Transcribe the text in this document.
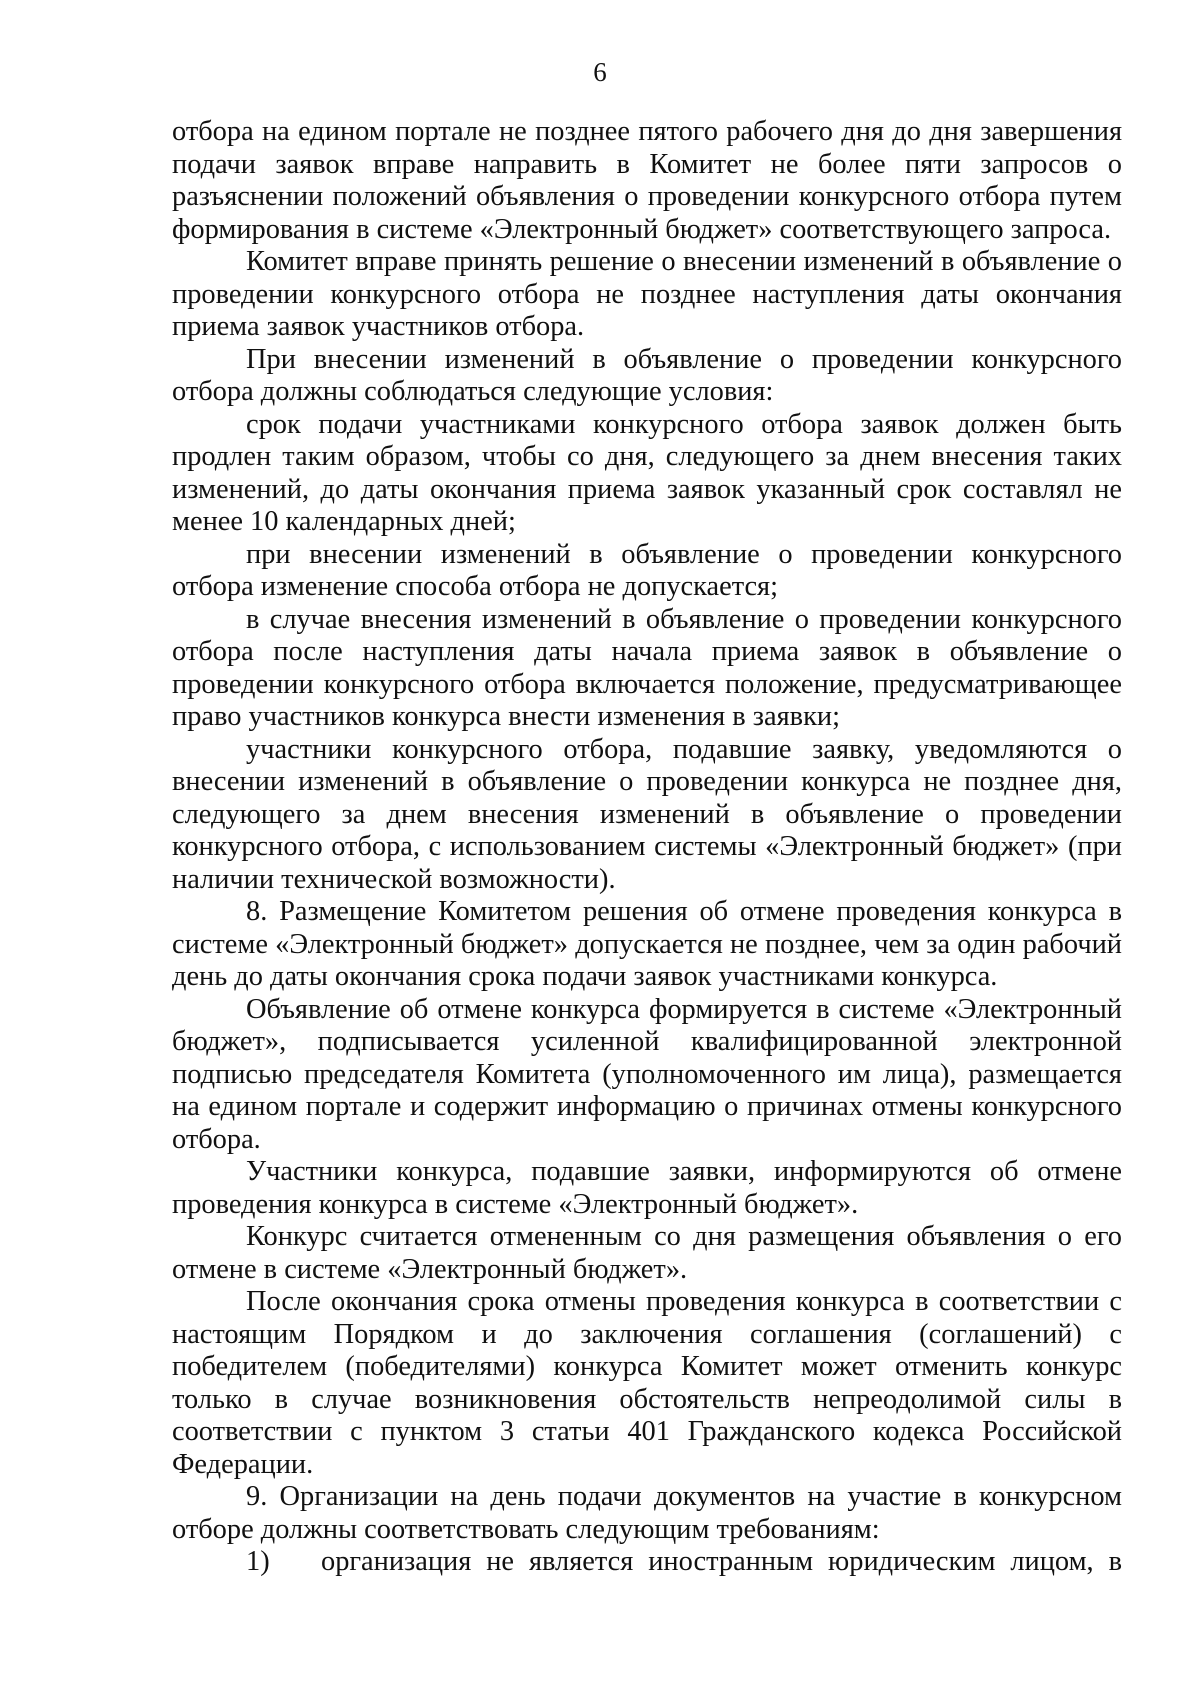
6

отбора на едином портале не позднее пятого рабочего дня до дня завершения подачи заявок вправе направить в Комитет не более пяти запросов о разъяснении положений объявления о проведении конкурсного отбора путем формирования в системе «Электронный бюджет» соответствующего запроса.

Комитет вправе принять решение о внесении изменений в объявление о проведении конкурсного отбора не позднее наступления даты окончания приема заявок участников отбора.

При внесении изменений в объявление о проведении конкурсного отбора должны соблюдаться следующие условия:

срок подачи участниками конкурсного отбора заявок должен быть продлен таким образом, чтобы со дня, следующего за днем внесения таких изменений, до даты окончания приема заявок указанный срок составлял не менее 10 календарных дней;

при внесении изменений в объявление о проведении конкурсного отбора изменение способа отбора не допускается;

в случае внесения изменений в объявление о проведении конкурсного отбора после наступления даты начала приема заявок в объявление о проведении конкурсного отбора включается положение, предусматривающее право участников конкурса внести изменения в заявки;

участники конкурсного отбора, подавшие заявку, уведомляются о внесении изменений в объявление о проведении конкурса не позднее дня, следующего за днем внесения изменений в объявление о проведении конкурсного отбора, с использованием системы «Электронный бюджет» (при наличии технической возможности).

8. Размещение Комитетом решения об отмене проведения конкурса в системе «Электронный бюджет» допускается не позднее, чем за один рабочий день до даты окончания срока подачи заявок участниками конкурса.

Объявление об отмене конкурса формируется в системе «Электронный бюджет», подписывается усиленной квалифицированной электронной подписью председателя Комитета (уполномоченного им лица), размещается на едином портале и содержит информацию о причинах отмены конкурсного отбора.

Участники конкурса, подавшие заявки, информируются об отмене проведения конкурса в системе «Электронный бюджет».

Конкурс считается отмененным со дня размещения объявления о его отмене в системе «Электронный бюджет».

После окончания срока отмены проведения конкурса в соответствии с настоящим Порядком и до заключения соглашения (соглашений) с победителем (победителями) конкурса Комитет может отменить конкурс только в случае возникновения обстоятельств непреодолимой силы в соответствии с пунктом 3 статьи 401 Гражданского кодекса Российской Федерации.

9. Организации на день подачи документов на участие в конкурсном отборе должны соответствовать следующим требованиям:

1)	организация не является иностранным юридическим лицом, в
